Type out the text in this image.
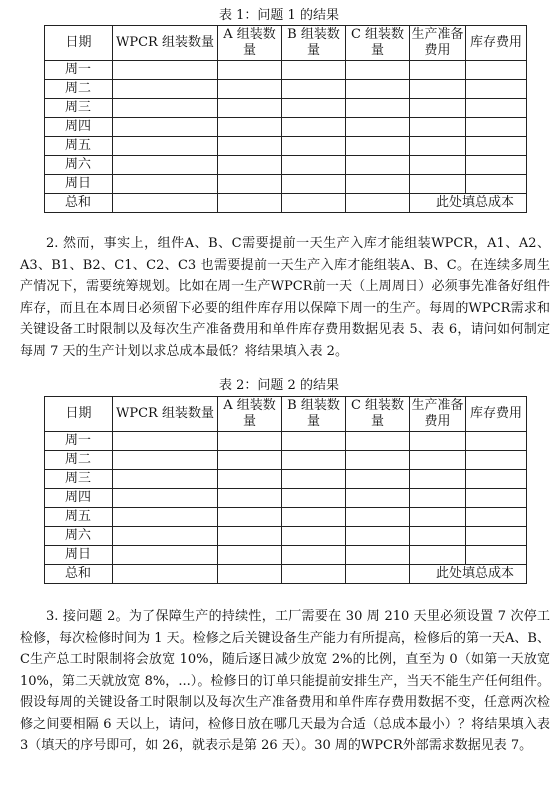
表 1：问题 1 的结果
日期	WPCR 组装数量	A 组装数量	B 组装数量	C 组装数量	生产准备费用	库存费用
周一						
周二						
周三						
周四						
周五						
周六						
周日						
总和					此处填总成本	

2. 然而，事实上，组件A、B、C需要提前一天生产入库才能组装WPCR，A1、A2、A3、B1、B2、C1、C2、C3 也需要提前一天生产入库才能组装A、B、C。在连续多周生产情况下，需要统筹规划。比如在周一生产WPCR前一天（上周周日）必须事先准备好组件库存，而且在本周日必须留下必要的组件库存用以保障下周一的生产。每周的WPCR需求和关键设备工时限制以及每次生产准备费用和单件库存费用数据见表 5、表 6，请问如何制定每周 7 天的生产计划以求总成本最低？将结果填入表 2。

表 2：问题 2 的结果
日期	WPCR 组装数量	A 组装数量	B 组装数量	C 组装数量	生产准备费用	库存费用
周一						
周二						
周三						
周四						
周五						
周六						
周日						
总和					此处填总成本	

3. 接问题 2。为了保障生产的持续性，工厂需要在 30 周 210 天里必须设置 7 次停工检修，每次检修时间为 1 天。检修之后关键设备生产能力有所提高，检修后的第一天A、B、C生产总工时限制将会放宽 10%，随后逐日减少放宽 2%的比例，直至为 0（如第一天放宽 10%，第二天就放宽 8%，...）。检修日的订单只能提前安排生产，当天不能生产任何组件。假设每周的关键设备工时限制以及每次生产准备费用和单件库存费用数据不变，任意两次检修之间要相隔 6 天以上，请问，检修日放在哪几天最为合适（总成本最小）？将结果填入表 3（填天的序号即可，如 26，就表示是第 26 天）。30 周的WPCR外部需求数据见表 7。
